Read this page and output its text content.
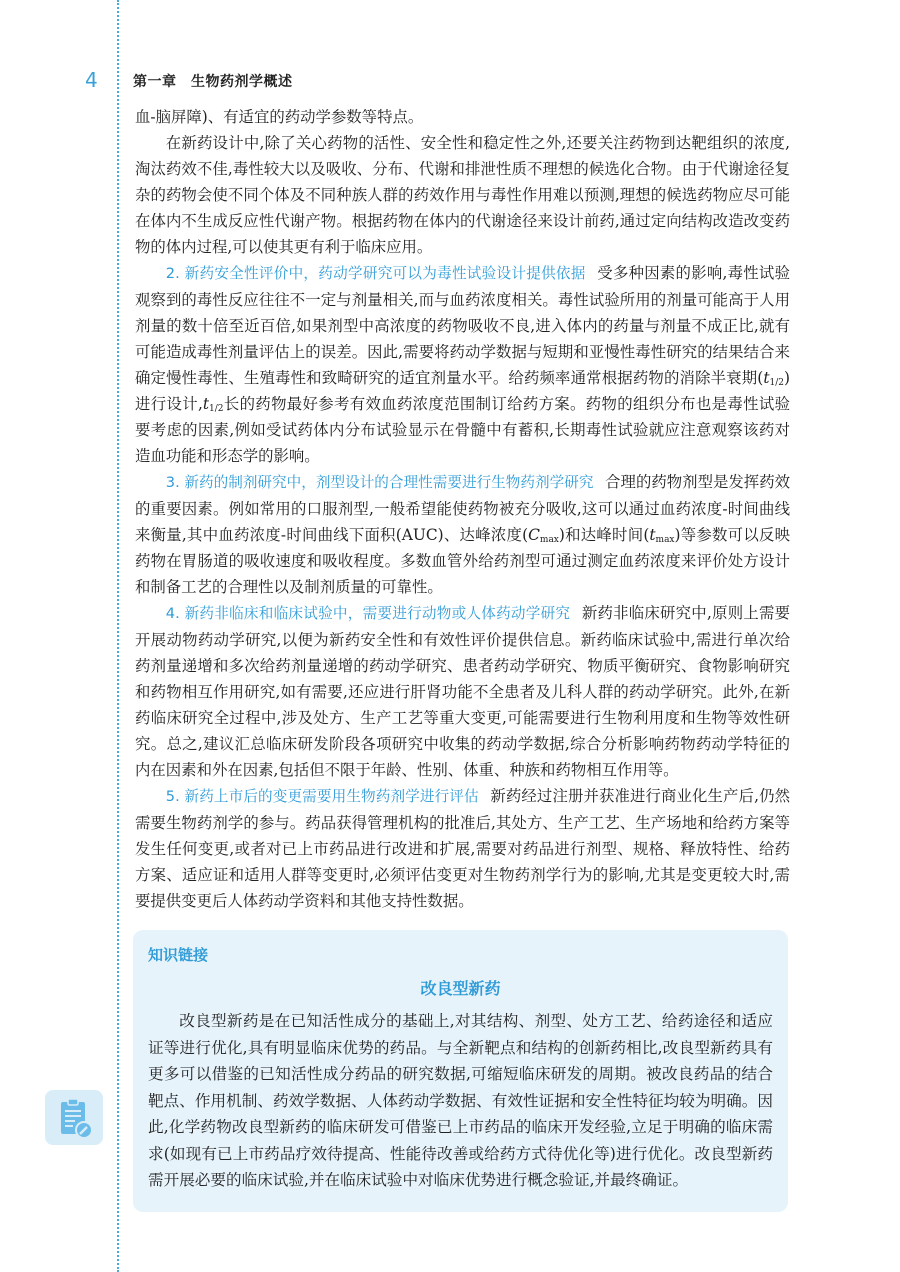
4	第一章　生物药剂学概述

血-脑屏障)、有适宜的药动学参数等特点。

在新药设计中,除了关心药物的活性、安全性和稳定性之外,还要关注药物到达靶组织的浓度,淘汰药效不佳,毒性较大以及吸收、分布、代谢和排泄性质不理想的候选化合物。由于代谢途径复杂的药物会使不同个体及不同种族人群的药效作用与毒性作用难以预测,理想的候选药物应尽可能在体内不生成反应性代谢产物。根据药物在体内的代谢途径来设计前药,通过定向结构改造改变药物的体内过程,可以使其更有利于临床应用。

2. 新药安全性评价中，药动学研究可以为毒性试验设计提供依据 受多种因素的影响,毒性试验观察到的毒性反应往往不一定与剂量相关,而与血药浓度相关。毒性试验所用的剂量可能高于人用剂量的数十倍至近百倍,如果剂型中高浓度的药物吸收不良,进入体内的药量与剂量不成正比,就有可能造成毒性剂量评估上的误差。因此,需要将药动学数据与短期和亚慢性毒性研究的结果结合来确定慢性毒性、生殖毒性和致畸研究的适宜剂量水平。给药频率通常根据药物的消除半衰期$(t_{1/2})$进行设计$,t_{1/2}$长的药物最好参考有效血药浓度范围制订给药方案。药物的组织分布也是毒性试验要考虑的因素,例如受试药体内分布试验显示在骨髓中有蓄积,长期毒性试验就应注意观察该药对造血功能和形态学的影响。

3. 新药的制剂研究中，剂型设计的合理性需要进行生物药剂学研究 合理的药物剂型是发挥药效的重要因素。例如常用的口服剂型,一般希望能使药物被充分吸收,这可以通过血药浓度-时间曲线来衡量,其中血药浓度-时间曲线下面积(AUC)、达峰浓度$(C_{max})$和达峰时间$(t_{max})$等参数可以反映药物在胃肠道的吸收速度和吸收程度。多数血管外给药剂型可通过测定血药浓度来评价处方设计和制备工艺的合理性以及制剂质量的可靠性。

4. 新药非临床和临床试验中，需要进行动物或人体药动学研究 新药非临床研究中,原则上需要开展动物药动学研究,以便为新药安全性和有效性评价提供信息。新药临床试验中,需进行单次给药剂量递增和多次给药剂量递增的药动学研究、患者药动学研究、物质平衡研究、食物影响研究和药物相互作用研究,如有需要,还应进行肝肾功能不全患者及儿科人群的药动学研究。此外,在新药临床研究全过程中,涉及处方、生产工艺等重大变更,可能需要进行生物利用度和生物等效性研究。总之,建议汇总临床研发阶段各项研究中收集的药动学数据,综合分析影响药物药动学特征的内在因素和外在因素,包括但不限于年龄、性别、体重、种族和药物相互作用等。

5. 新药上市后的变更需要用生物药剂学进行评估 新药经过注册并获准进行商业化生产后,仍然需要生物药剂学的参与。药品获得管理机构的批准后,其处方、生产工艺、生产场地和给药方案等发生任何变更,或者对已上市药品进行改进和扩展,需要对药品进行剂型、规格、释放特性、给药方案、适应证和适用人群等变更时,必须评估变更对生物药剂学行为的影响,尤其是变更较大时,需要提供变更后人体药动学资料和其他支持性数据。

知识链接
改良型新药

改良型新药是在已知活性成分的基础上,对其结构、剂型、处方工艺、给药途径和适应证等进行优化,具有明显临床优势的药品。与全新靶点和结构的创新药相比,改良型新药具有更多可以借鉴的已知活性成分药品的研究数据,可缩短临床研发的周期。被改良药品的结合靶点、作用机制、药效学数据、人体药动学数据、有效性证据和安全性特征均较为明确。因此,化学药物改良型新药的临床研发可借鉴已上市药品的临床开发经验,立足于明确的临床需求(如现有已上市药品疗效待提高、性能待改善或给药方式待优化等)进行优化。改良型新药需开展必要的临床试验,并在临床试验中对临床优势进行概念验证,并最终确证。
